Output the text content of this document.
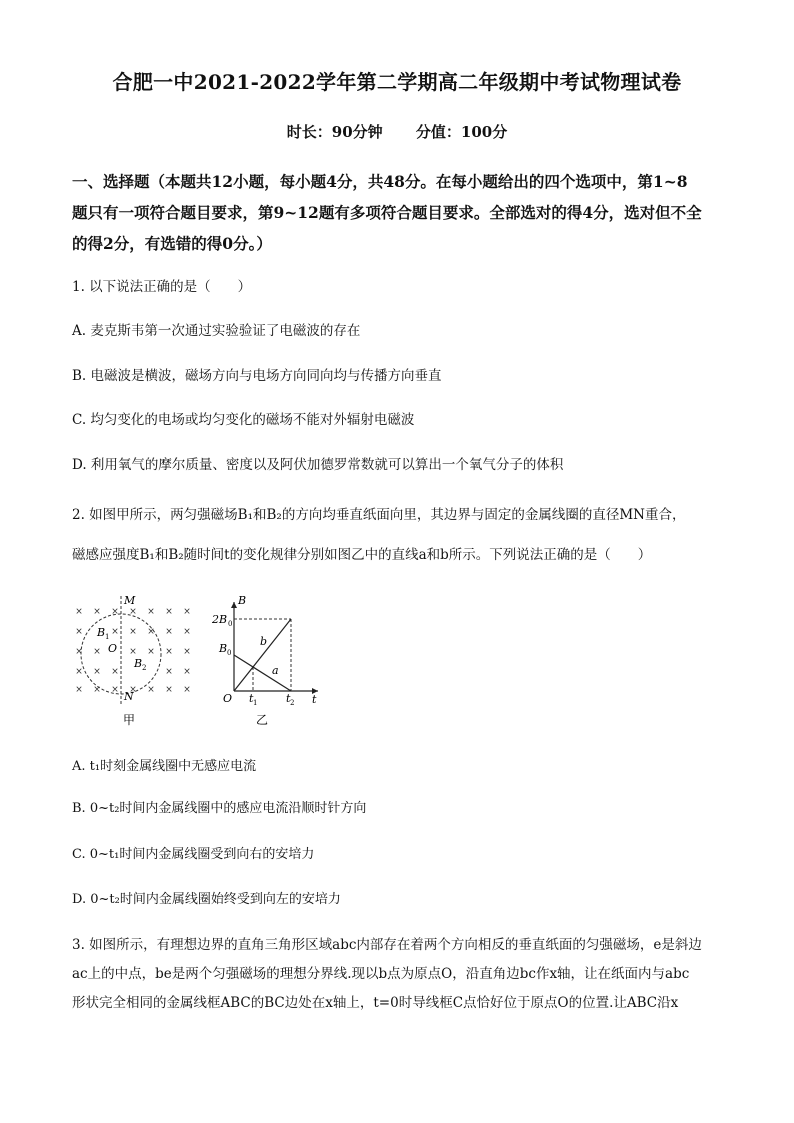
合肥一中2021-2022学年第二学期高二年级期中考试物理试卷
时长：90分钟 分值：100分
一、选择题（本题共12小题，每小题4分，共48分。在每小题给出的四个选项中，第1~8
题只有一项符合题目要求，第9~12题有多项符合题目要求。全部选对的得4分，选对但不全
的得2分，有选错的得0分。）
1. 以下说法正确的是（　　）
A. 麦克斯韦第一次通过实验验证了电磁波的存在
B. 电磁波是横波，磁场方向与电场方向同向均与传播方向垂直
C. 均匀变化的电场或均匀变化的磁场不能对外辐射电磁波
D. 利用氧气的摩尔质量、密度以及阿伏加德罗常数就可以算出一个氧气分子的体积
2. 如图甲所示，两匀强磁场B₁和B₂的方向均垂直纸面向里，其边界与固定的金属线圈的直径MN重合，
磁感应强度B₁和B₂随时间t的变化规律分别如图乙中的直线a和b所示。下列说法正确的是（　　）
× × × × × × ×
×	× × × × ×
× ×	× × × ×
× × ×	× ×
× × × × × × ×
M
N
O
B 1
B 2
甲
B
t
O
2B 0
B 0
b
a
t 1	t 2
乙
A. t₁时刻金属线圈中无感应电流
B. 0~t₂时间内金属线圈中的感应电流沿顺时针方向
C. 0~t₁时间内金属线圈受到向右的安培力
D. 0~t₂时间内金属线圈始终受到向左的安培力
3. 如图所示，有理想边界的直角三角形区域abc内部存在着两个方向相反的垂直纸面的匀强磁场，e是斜边
ac上的中点，be是两个匀强磁场的理想分界线.现以b点为原点O，沿直角边bc作x轴，让在纸面内与abc
形状完全相同的金属线框ABC的BC边处在x轴上，t=0时导线框C点恰好位于原点O的位置.让ABC沿x
